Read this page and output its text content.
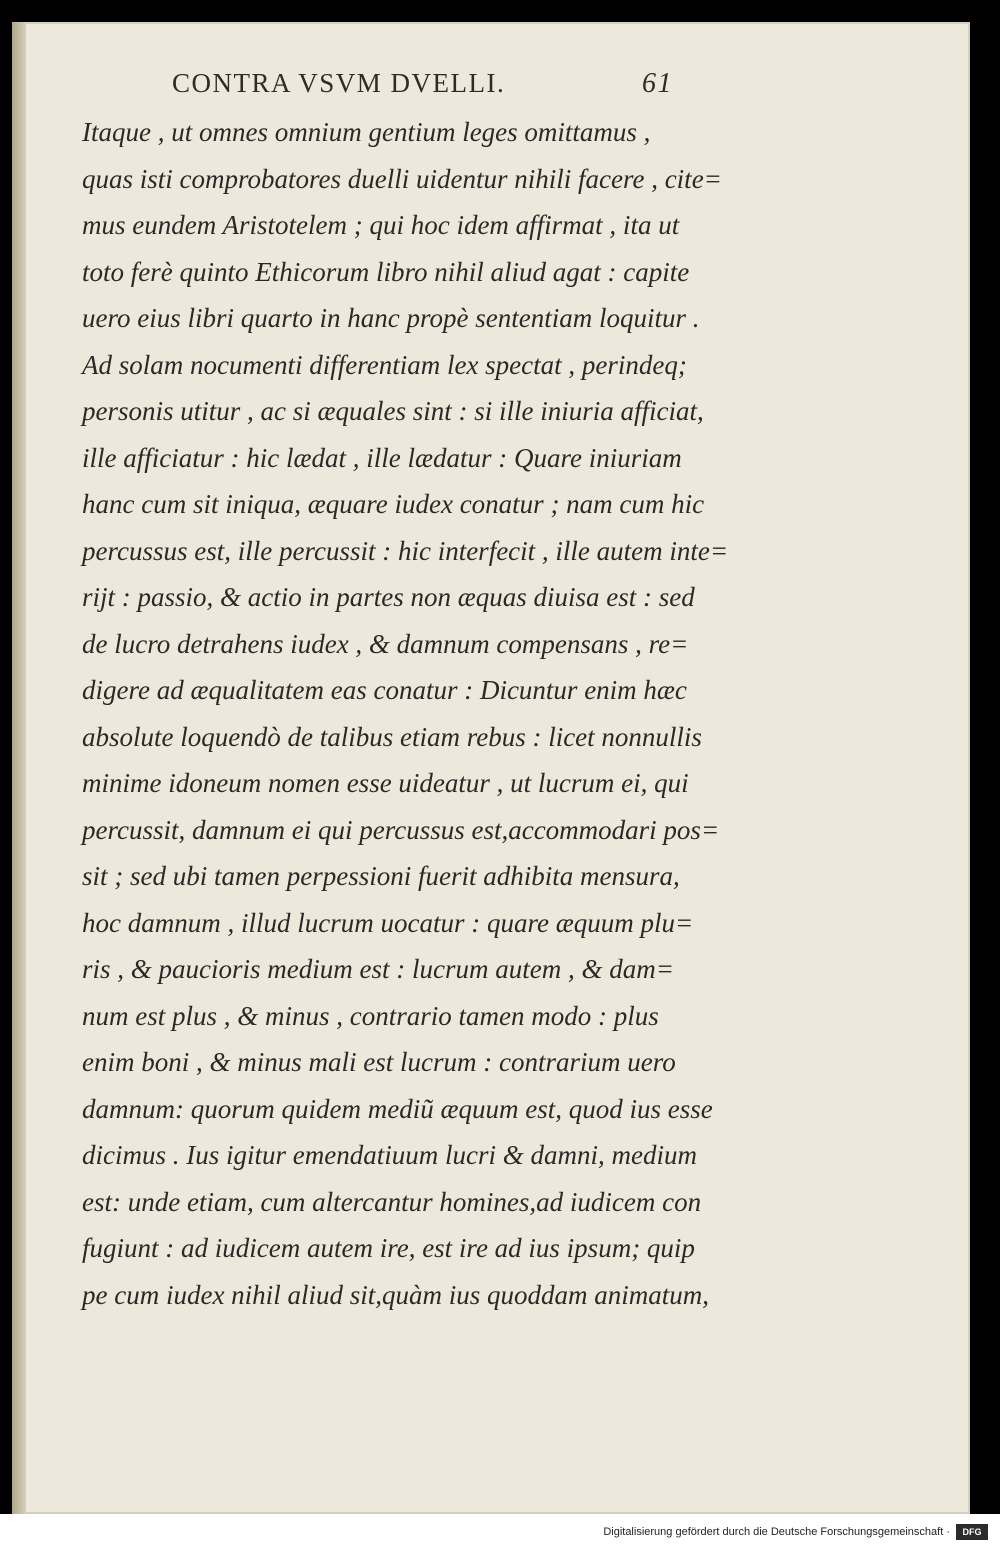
CONTRA VSVM DVELLI.	61
Itaque , ut omnes omnium gentium leges omittamus ,
quas isti comprobatores duelli uidentur nihili facere , cite=
mus eundem Aristotelem ; qui hoc idem affirmat , ita ut
toto ferè quinto Ethicorum libro nihil aliud agat : capite
uero eius libri quarto in hanc propè sententiam loquitur .
Ad solam nocumenti differentiam lex spectat , perindeq;
personis utitur , ac si æquales sint : si ille iniuria afficiat,
ille afficiatur : hic lædat , ille lædatur : Quare iniuriam
hanc cum sit iniqua, æquare iudex conatur ; nam cum hic
percussus est, ille percussit : hic interfecit , ille autem inte=
rijt : passio, & actio in partes non æquas diuisa est : sed
de lucro detrahens iudex , & damnum compensans , re=
digere ad æqualitatem eas conatur : Dicuntur enim hæc
absolute loquendò de talibus etiam rebus : licet nonnullis
minime idoneum nomen esse uideatur , ut lucrum ei, qui
percussit, damnum ei qui percussus est,accommodari pos=
sit ; sed ubi tamen perpessioni fuerit adhibita mensura,
hoc damnum , illud lucrum uocatur : quare æquum plu=
ris , & paucioris medium est : lucrum autem , & dam=
num est plus , & minus , contrario tamen modo : plus
enim boni , & minus mali est lucrum : contrarium uero
damnum: quorum quidem mediũ æquum est, quod ius esse
dicimus . Ius igitur emendatiuum lucri & damni, medium
est: unde etiam, cum altercantur homines,ad iudicem con
fugiunt : ad iudicem autem ire, est ire ad ius ipsum; quip
pe cum iudex nihil aliud sit,quàm ius quoddam animatum,
Digitalisierung gefördert durch die Deutsche Forschungsgemeinschaft ·	DFG
